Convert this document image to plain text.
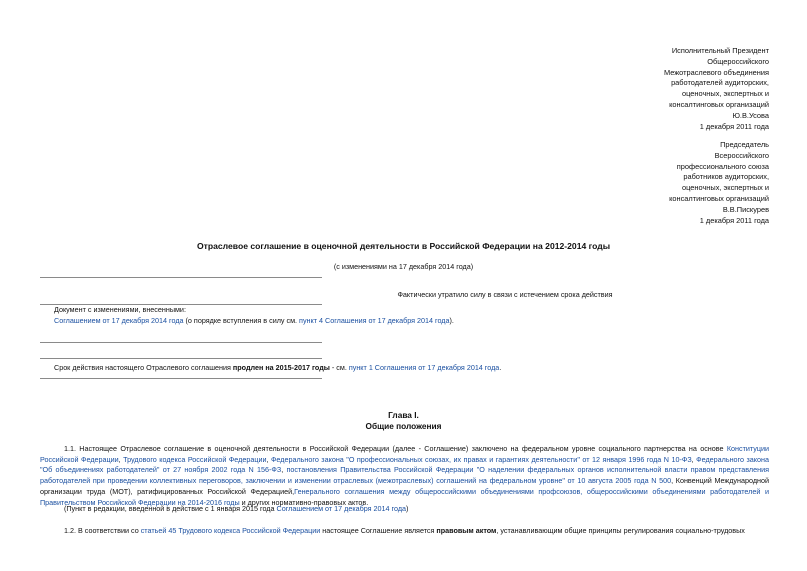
Исполнительный Президент
Общероссийского
Межотраслевого объединения
работодателей аудиторских,
оценочных, экспертных и
консалтинговых организаций
Ю.В.Усова
1 декабря 2011 года
Председатель
Всероссийского
профессионального союза
работников аудиторских,
оценочных, экспертных и
консалтинговых организаций
В.В.Пискурев
1 декабря 2011 года
Отраслевое соглашение в оценочной деятельности в Российской Федерации на 2012-2014 годы
(с изменениями на 17 декабря 2014 года)
Фактически утратило силу в связи с истечением срока действия
Документ с изменениями, внесенными:
Соглашением от 17 декабря 2014 года (о порядке вступления в силу см. пункт 4 Соглашения от 17 декабря 2014 года).
Срок действия настоящего Отраслевого соглашения продлен на 2015-2017 годы - см. пункт 1 Соглашения от 17 декабря 2014 года.
Глава I.
Общие положения
1.1. Настоящее Отраслевое соглашение в оценочной деятельности в Российской Федерации (далее - Соглашение) заключено на федеральном уровне социального партнерства на основе Конституции Российской Федерации, Трудового кодекса Российской Федерации, Федерального закона "О профессиональных союзах, их правах и гарантиях деятельности" от 12 января 1996 года N 10-ФЗ, Федерального закона "Об объединениях работодателей" от 27 ноября 2002 года N 156-ФЗ, постановления Правительства Российской Федерации "О наделении федеральных органов исполнительной власти правом представления работодателей при проведении коллективных переговоров, заключении и изменении отраслевых (межотраслевых) соглашений на федеральном уровне" от 10 августа 2005 года N 500, Конвенций Международной организации труда (МОТ), ратифицированных Российской Федерацией,Генерального соглашения между общероссийскими объединениями профсоюзов, общероссийскими объединениями работодателей и Правительством Российской Федерации на 2014-2016 годы и других нормативно-правовых актов.
(Пункт в редакции, введенной в действие с 1 января 2015 года Соглашением от 17 декабря 2014 года)
1.2. В соответствии со статьей 45 Трудового кодекса Российской Федерации настоящее Соглашение является правовым актом, устанавливающим общие принципы регулирования социально-трудовых
